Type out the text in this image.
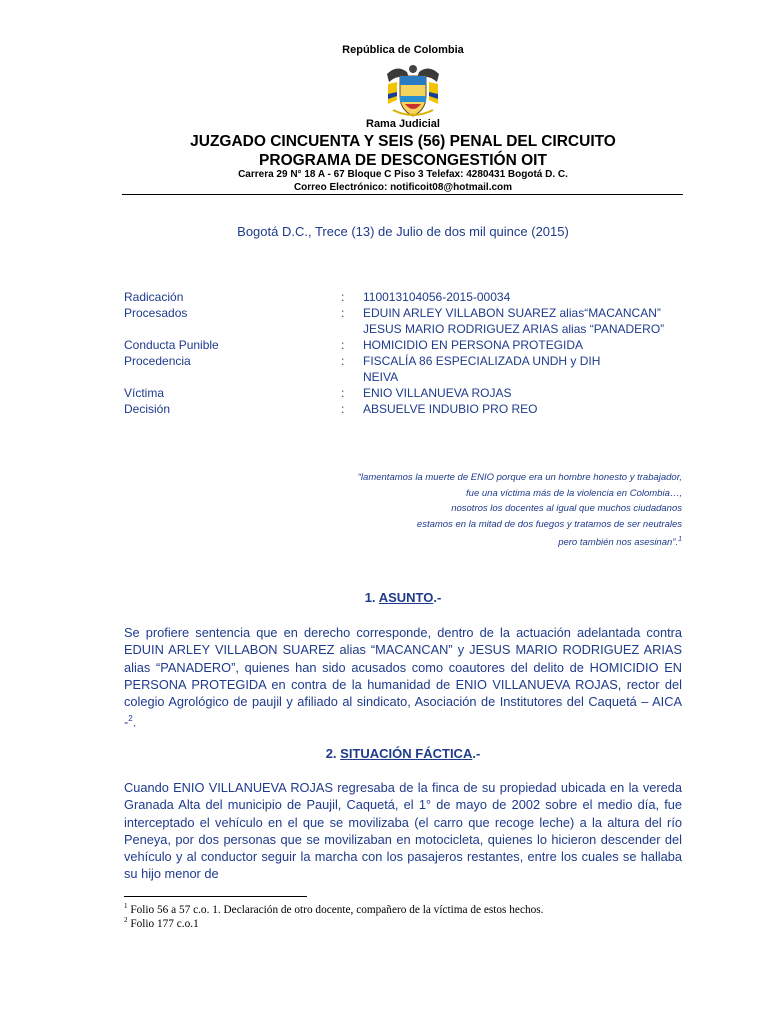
República de Colombia
Rama Judicial
JUZGADO CINCUENTA Y SEIS (56) PENAL DEL CIRCUITO
PROGRAMA DE DESCONGESTIÓN OIT
Carrera 29 N° 18 A - 67 Bloque C Piso 3 Telefax: 4280431 Bogotá D. C.
Correo Electrónico: notificoit08@hotmail.com
Bogotá D.C., Trece (13) de Julio de dos mil quince (2015)
Radicación	: 110013104056-2015-00034
Procesados	: EDUIN ARLEY VILLABON SUAREZ alias“MACANCAN”
JESUS MARIO RODRIGUEZ ARIAS alias “PANADERO”
Conducta Punible	: HOMICIDIO EN PERSONA PROTEGIDA
Procedencia	: FISCALÍA 86 ESPECIALIZADA UNDH y DIH
NEIVA
Víctima	: ENIO VILLANUEVA ROJAS
Decisión	: ABSUELVE INDUBIO PRO REO
“lamentamos la muerte de ENIO porque era un hombre honesto y trabajador,
fue una víctima más de la violencia en Colombia…,
nosotros los docentes al igual que muchos ciudadanos
estamos en la mitad de dos fuegos y tratamos de ser neutrales
pero también nos asesinan”.$^1$
1. ASUNTO.-
Se profiere sentencia que en derecho corresponde, dentro de la actuación adelantada contra EDUIN ARLEY VILLABON SUAREZ alias “MACANCAN” y JESUS MARIO RODRIGUEZ ARIAS alias “PANADERO”, quienes han sido acusados como coautores del delito de HOMICIDIO EN PERSONA PROTEGIDA en contra de la humanidad de ENIO VILLANUEVA ROJAS, rector del colegio Agrológico de paujil y afiliado al sindicato, Asociación de Institutores del Caquetá – AICA -$^2$.
2. SITUACIÓN FÁCTICA.-
Cuando ENIO VILLANUEVA ROJAS regresaba de la finca de su propiedad ubicada en la vereda Granada Alta del municipio de Paujil, Caquetá, el 1° de mayo de 2002 sobre el medio día, fue interceptado el vehículo en el que se movilizaba (el carro que recoge leche) a la altura del río Peneya, por dos personas que se movilizaban en motocicleta, quienes lo hicieron descender del vehículo y al conductor seguir la marcha con los pasajeros restantes, entre los cuales se hallaba su hijo menor de
$^1$ Folio 56 a 57 c.o. 1. Declaración de otro docente, compañero de la víctima de estos hechos.
$^2$ Folio 177 c.o.1
